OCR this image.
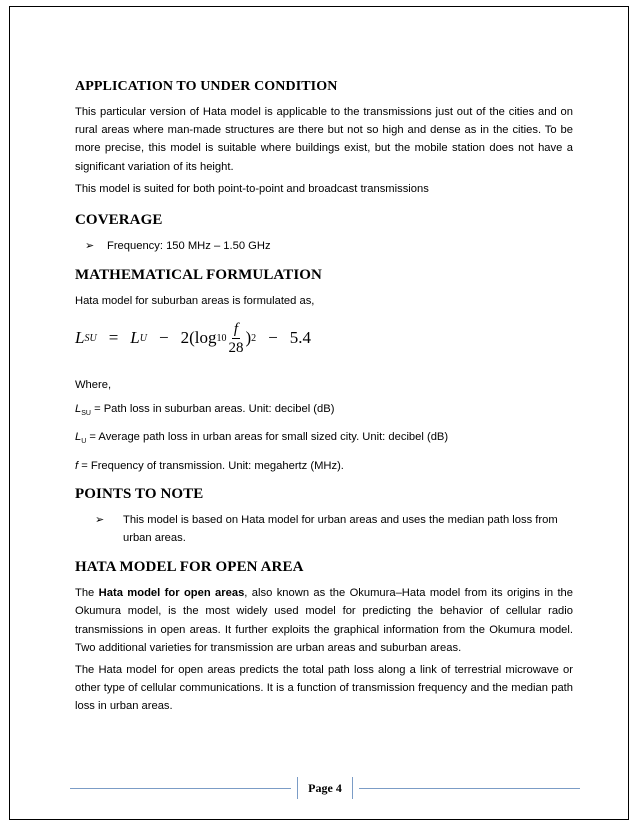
APPLICATION TO UNDER CONDITION

This particular version of Hata model is applicable to the transmissions just out of the cities and on rural areas where man-made structures are there but not so high and dense as in the cities. To be more precise, this model is suitable where buildings exist, but the mobile station does not have a significant variation of its height.

This model is suited for both point-to-point and broadcast transmissions

COVERAGE
➢	Frequency: 150 MHz – 1.50 GHz
MATHEMATICAL FORMULATION

Hata model for suburban areas is formulated as,

L SU = L U − 2(log $10 \frac{f}{28}$ ) 2 − 5.4
Where,
$L_{SU}$ = Path loss in suburban areas. Unit: decibel (dB)
$L_U$ = Average path loss in urban areas for small sized city. Unit: decibel (dB)
f = Frequency of transmission. Unit: megahertz (MHz).
POINTS TO NOTE
➢	This model is based on Hata model for urban areas and uses the median path loss from urban areas.
HATA MODEL FOR OPEN AREA

The Hata model for open areas, also known as the Okumura–Hata model from its origins in the Okumura model, is the most widely used model for predicting the behavior of cellular radio transmissions in open areas. It further exploits the graphical information from the Okumura model. Two additional varieties for transmission are urban areas and suburban areas.

The Hata model for open areas predicts the total path loss along a link of terrestrial microwave or other type of cellular communications. It is a function of transmission frequency and the median path loss in urban areas.

Page 4
